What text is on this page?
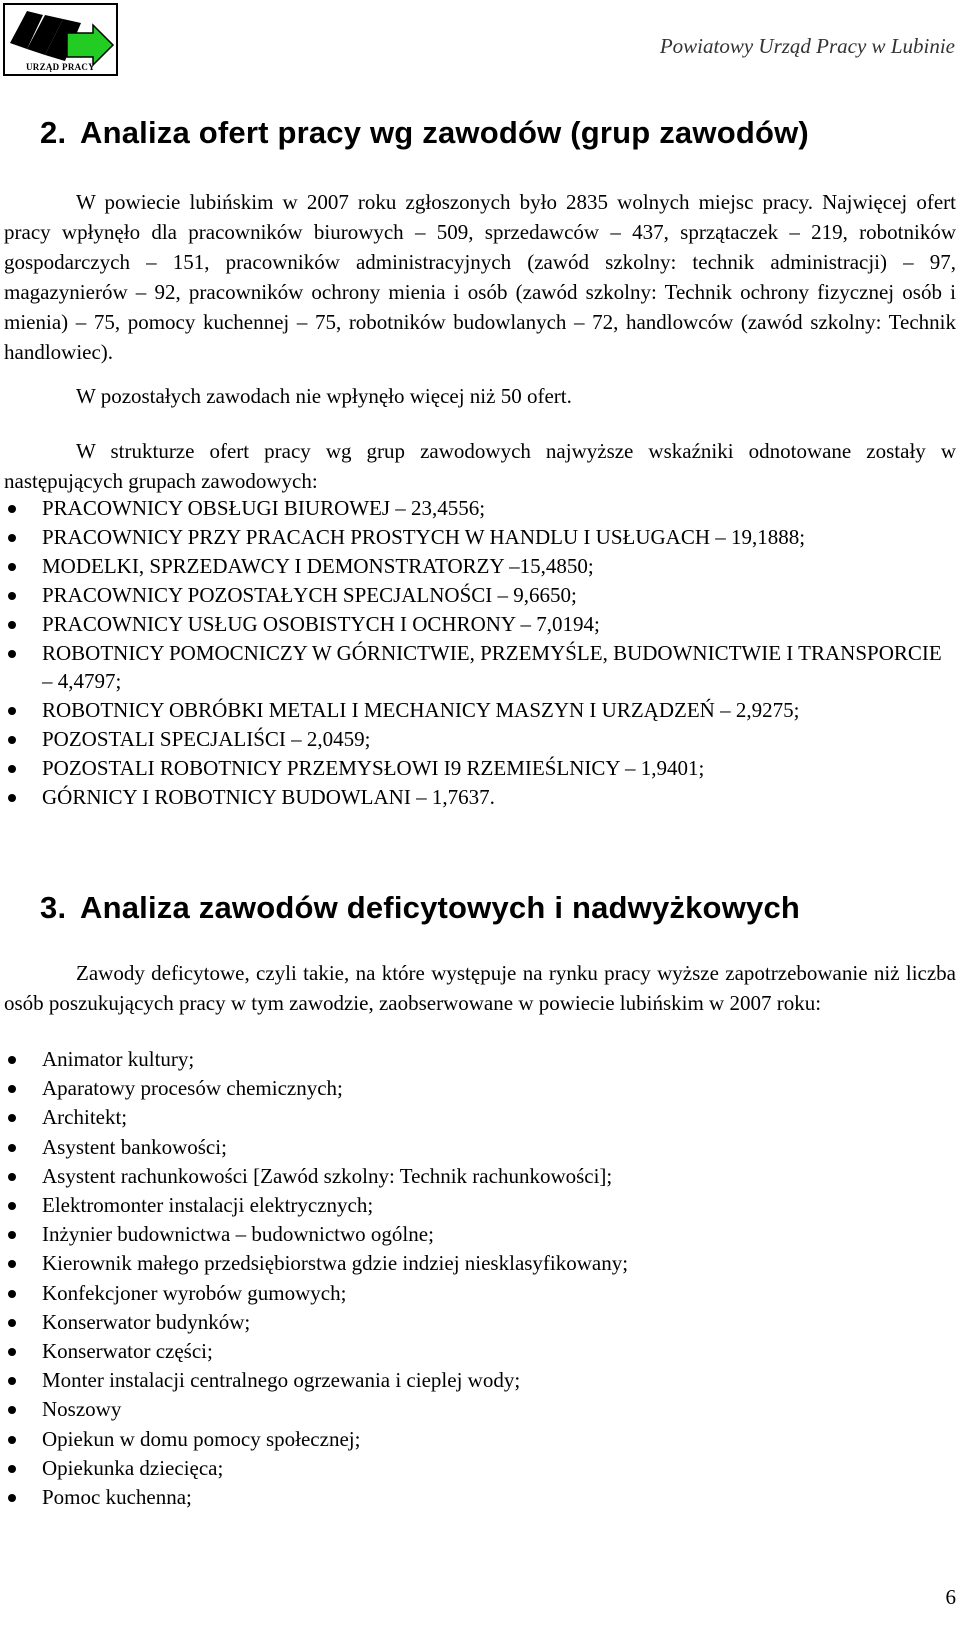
URZĄD PRACY
Powiatowy Urząd Pracy w Lubinie
2. Analiza ofert pracy wg zawodów (grup zawodów)

W powiecie lubińskim w 2007 roku zgłoszonych było 2835 wolnych miejsc pracy. Najwięcej ofert pracy wpłynęło dla pracowników biurowych – 509, sprzedawców – 437, sprzątaczek – 219, robotników gospodarczych – 151, pracowników administracyjnych (zawód szkolny: technik administracji) – 97, magazynierów – 92, pracowników ochrony mienia i osób (zawód szkolny: Technik ochrony fizycznej osób i mienia) – 75, pomocy kuchennej – 75, robotników budowlanych – 72, handlowców (zawód szkolny: Technik handlowiec).

W pozostałych zawodach nie wpłynęło więcej niż 50 ofert.

W strukturze ofert pracy wg grup zawodowych najwyższe wskaźniki odnotowane zostały w następujących grupach zawodowych:

PRACOWNICY OBSŁUGI BIUROWEJ – 23,4556;
PRACOWNICY PRZY PRACACH PROSTYCH W HANDLU I USŁUGACH – 19,1888;
MODELKI, SPRZEDAWCY I DEMONSTRATORZY –15,4850;
PRACOWNICY POZOSTAŁYCH SPECJALNOŚCI – 9,6650;
PRACOWNICY USŁUG OSOBISTYCH I OCHRONY – 7,0194;
ROBOTNICY POMOCNICZY W GÓRNICTWIE, PRZEMYŚLE, BUDOWNICTWIE I TRANSPORCIE – 4,4797;
ROBOTNICY OBRÓBKI METALI I MECHANICY MASZYN I URZĄDZEŃ – 2,9275;
POZOSTALI SPECJALIŚCI – 2,0459;
POZOSTALI ROBOTNICY PRZEMYSŁOWI I9 RZEMIEŚLNICY – 1,9401;
GÓRNICY I ROBOTNICY BUDOWLANI – 1,7637.
3. Analiza zawodów deficytowych i nadwyżkowych

Zawody deficytowe, czyli takie, na które występuje na rynku pracy wyższe zapotrzebowanie niż liczba osób poszukujących pracy w tym zawodzie, zaobserwowane w powiecie lubińskim w 2007 roku:

Animator kultury;
Aparatowy procesów chemicznych;
Architekt;
Asystent bankowości;
Asystent rachunkowości [Zawód szkolny: Technik rachunkowości];
Elektromonter instalacji elektrycznych;
Inżynier budownictwa – budownictwo ogólne;
Kierownik małego przedsiębiorstwa gdzie indziej niesklasyfikowany;
Konfekcjoner wyrobów gumowych;
Konserwator budynków;
Konserwator części;
Monter instalacji centralnego ogrzewania i cieplej wody;
Noszowy
Opiekun w domu pomocy społecznej;
Opiekunka dziecięca;
Pomoc kuchenna;
6
